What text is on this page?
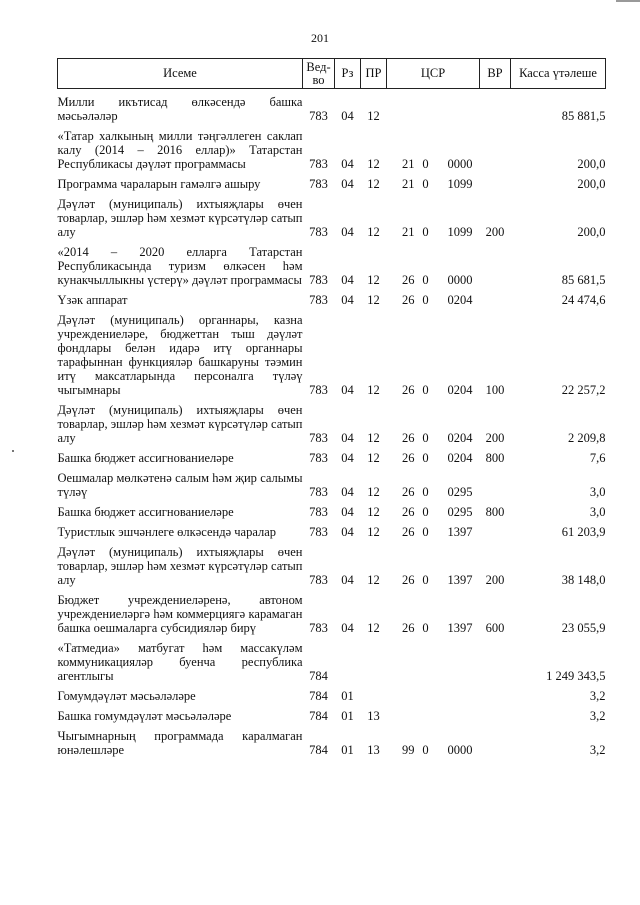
201
Исеме	Вед-во	Рз	ПР	ЦСР	ВР	Касса үтәлеше
Милли икътисад өлкәсендә башка мәсьәләләр	783	04	12			85 881,5
«Татар халкының милли тәңгәллеген саклап калу (2014 – 2016 еллар)» Татарстан Республикасы дәүләт программасы	783	04	12	21 0 0000		200,0
Программа чараларын гамәлгә ашыру	783	04	12	21 0 1099		200,0
Дәүләт (муниципаль) ихтыяҗлары өчен товарлар, эшләр һәм хезмәт күрсәтүләр сатып алу	783	04	12	21 0 1099	200	200,0
«2014 – 2020 елларга Татарстан Республикасында туризм өлкәсен һәм кунакчыллыкны үстерү» дәүләт программасы	783	04	12	26 0 0000		85 681,5
Үзәк аппарат	783	04	12	26 0 0204		24 474,6
Дәүләт (муниципаль) органнары, казна учреждениеләре, бюджеттан тыш дәүләт фондлары белән идарә итү органнары тарафыннан функцияләр башкаруны тәэмин итү максатларында персоналга түләү чыгымнары	783	04	12	26 0 0204	100	22 257,2
Дәүләт (муниципаль) ихтыяҗлары өчен товарлар, эшләр һәм хезмәт күрсәтүләр сатып алу	783	04	12	26 0 0204	200	2 209,8
Башка бюджет ассигнованиеләре	783	04	12	26 0 0204	800	7,6
Оешмалар мөлкәтенә салым һәм җир салымы түләү	783	04	12	26 0 0295		3,0
Башка бюджет ассигнованиеләре	783	04	12	26 0 0295	800	3,0
Туристлык эшчәнлеге өлкәсендә чаралар	783	04	12	26 0 1397		61 203,9
Дәүләт (муниципаль) ихтыяҗлары өчен товарлар, эшләр һәм хезмәт күрсәтүләр сатып алу	783	04	12	26 0 1397	200	38 148,0
Бюджет учреждениеләренә, автоном учреждениеләргә һәм коммерциягә карамаган башка оешмаларга субсидияләр бирү	783	04	12	26 0 1397	600	23 055,9
«Татмедиа» матбугат һәм массакүләм коммуникацияләр буенча республика агентлыгы	784					1 249 343,5
Гомумдәүләт мәсьәләләре	784	01				3,2
Башка гомумдәүләт мәсьәләләре	784	01	13			3,2
Чыгымнарның программада каралмаган юнәлешләре	784	01	13	99 0 0000		3,2
